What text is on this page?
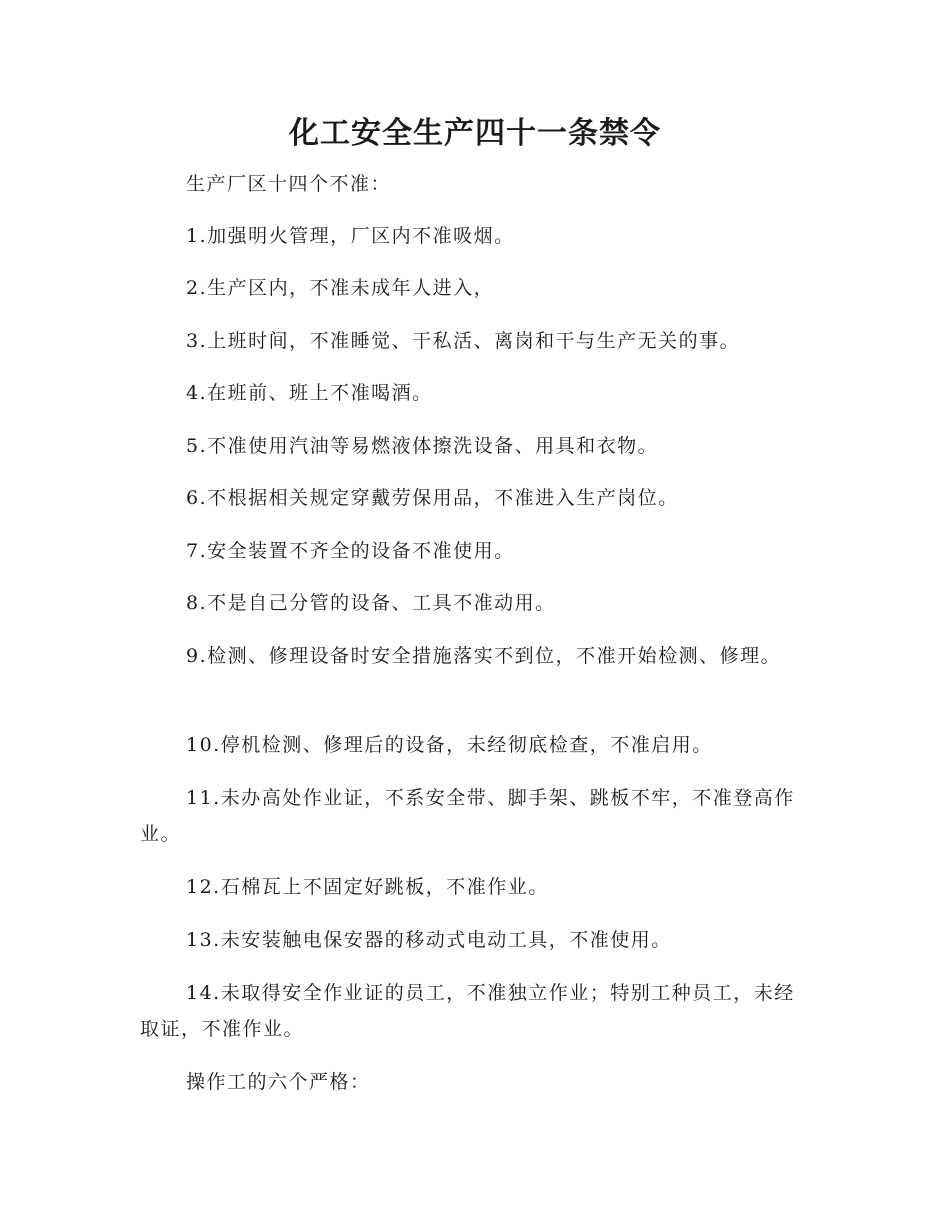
化工安全生产四十一条禁令

生产厂区十四个不准：

1.加强明火管理，厂区内不准吸烟。

2.生产区内，不准未成年人进入，

3.上班时间，不准睡觉、干私活、离岗和干与生产无关的事。

4.在班前、班上不准喝酒。

5.不准使用汽油等易燃液体擦洗设备、用具和衣物。

6.不根据相关规定穿戴劳保用品，不准进入生产岗位。

7.安全装置不齐全的设备不准使用。

8.不是自己分管的设备、工具不准动用。

9.检测、修理设备时安全措施落实不到位，不准开始检测、修理。

10.停机检测、修理后的设备，未经彻底检查，不准启用。

11.未办高处作业证，不系安全带、脚手架、跳板不牢，不准登高作业。

12.石棉瓦上不固定好跳板，不准作业。

13.未安装触电保安器的移动式电动工具，不准使用。

14.未取得安全作业证的员工，不准独立作业；特别工种员工，未经取证，不准作业。

操作工的六个严格：
